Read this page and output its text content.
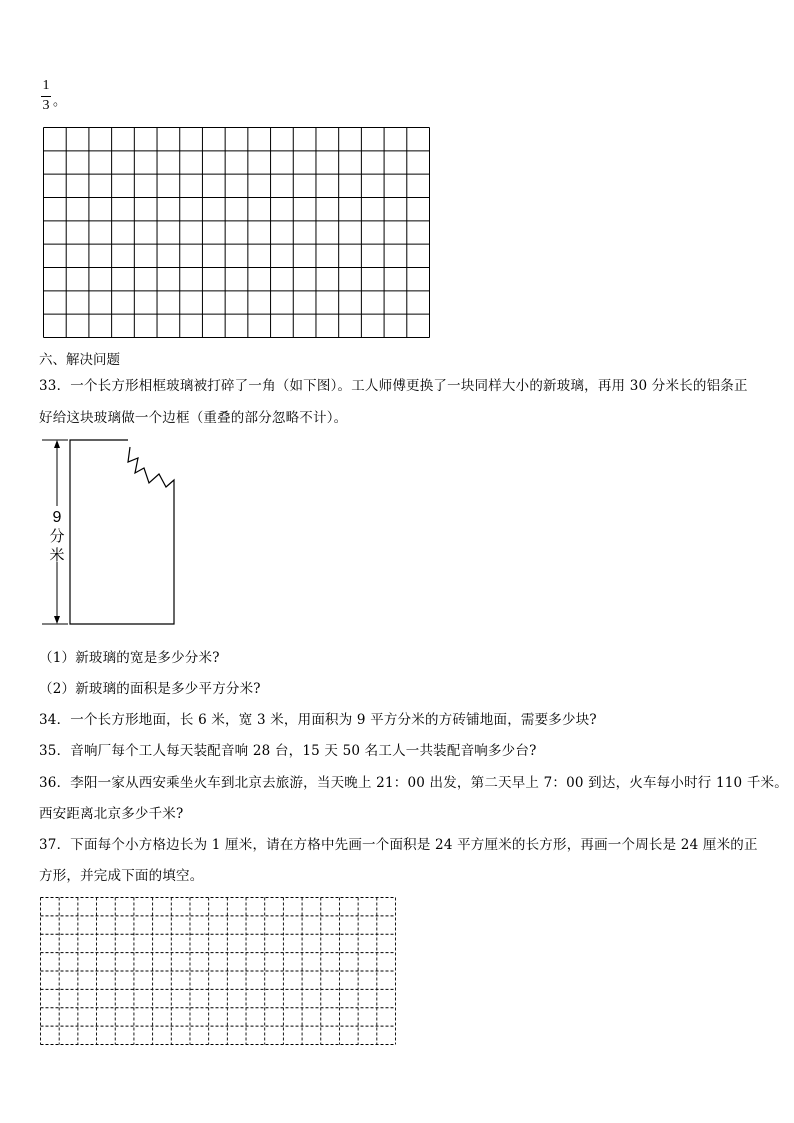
1
3 。
六、解决问题
33．一个长方形相框玻璃被打碎了一角（如下图）。工人师傅更换了一块同样大小的新玻璃，再用 30 分米长的铝条正
好给这块玻璃做一个边框（重叠的部分忽略不计）。
9
分
米
（1）新玻璃的宽是多少分米?
（2）新玻璃的面积是多少平方分米?
34．一个长方形地面，长 6 米，宽 3 米，用面积为 9 平方分米的方砖铺地面，需要多少块?
35．音响厂每个工人每天装配音响 28 台，15 天 50 名工人一共装配音响多少台?
36．李阳一家从西安乘坐火车到北京去旅游，当天晚上 21：00 出发，第二天早上 7：00 到达，火车每小时行 110 千米。
西安距离北京多少千米?
37．下面每个小方格边长为 1 厘米，请在方格中先画一个面积是 24 平方厘米的长方形，再画一个周长是 24 厘米的正
方形，并完成下面的填空。
